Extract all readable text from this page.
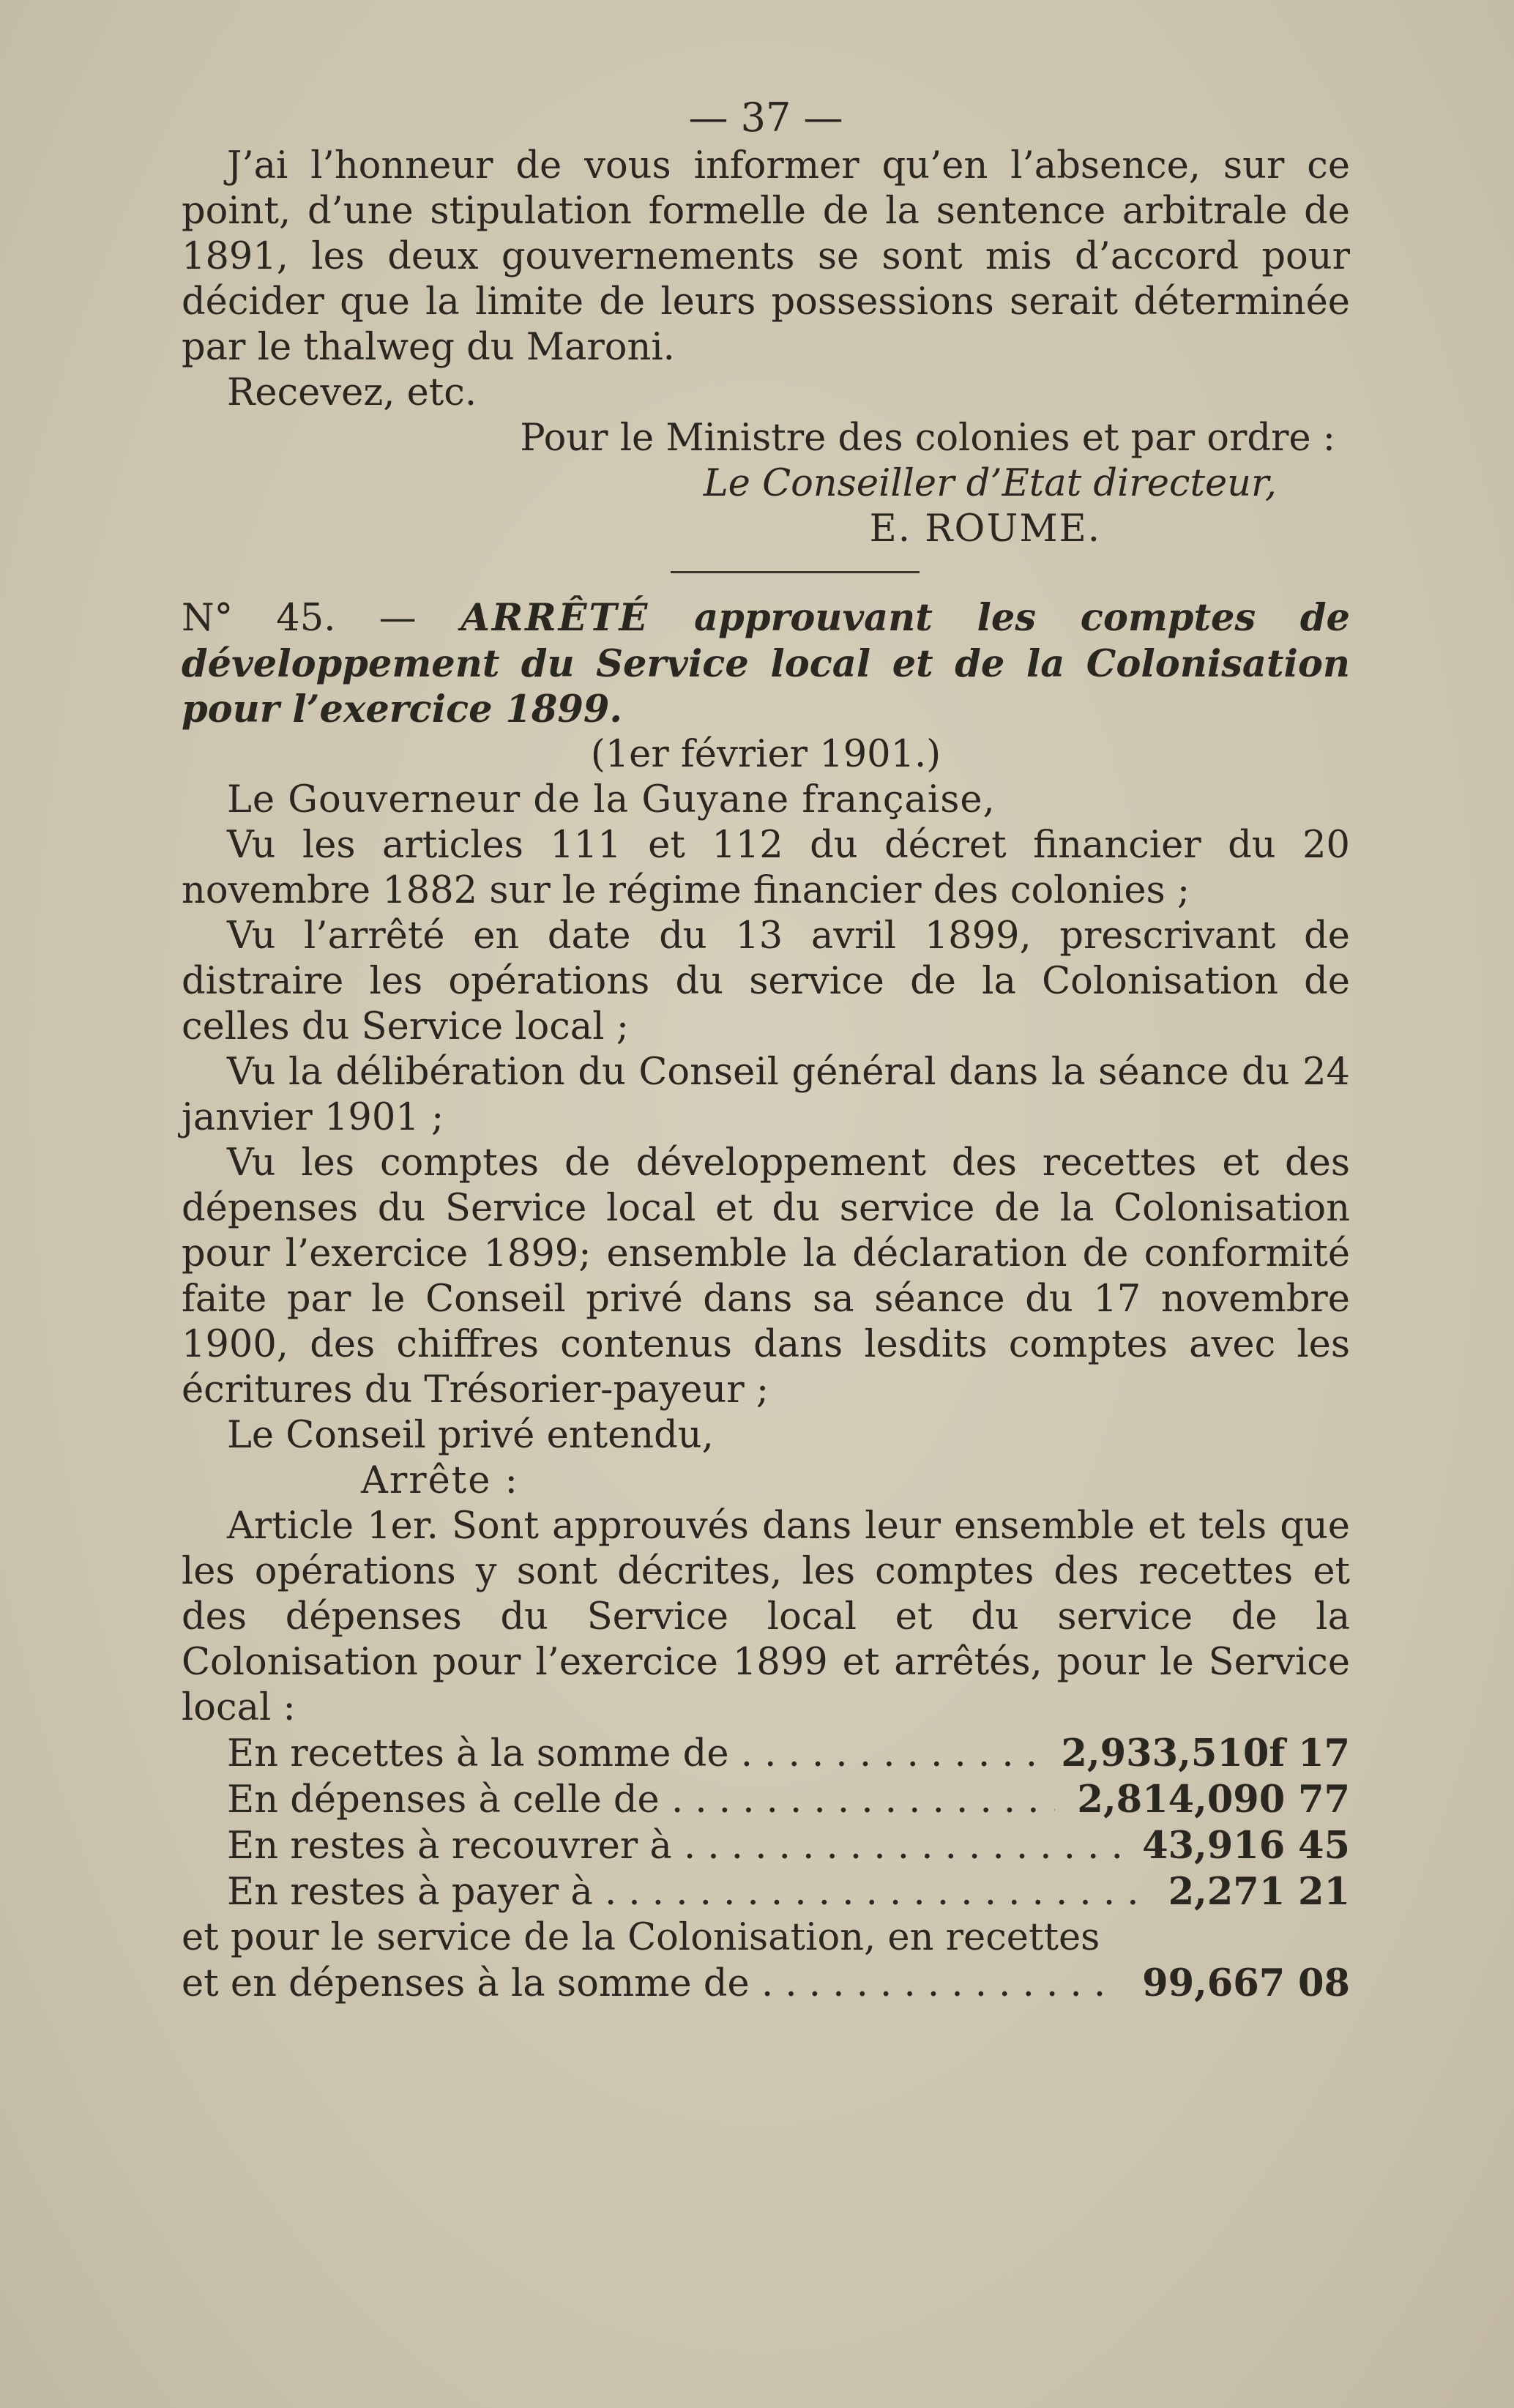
— 37 —

J’ai l’honneur de vous informer qu’en l’absence, sur ce point, d’une stipulation formelle de la sentence arbitrale de 1891, les deux gouvernements se sont mis d’accord pour décider que la limite de leurs possessions serait déterminée par le thalweg du Maroni.

Recevez, etc.

Pour le Ministre des colonies et par ordre :

Le Conseiller d’Etat directeur,

E. ROUME.

N° 45. — ARRÊTÉ approuvant les comptes de développement du Service local et de la Colonisation pour l’exercice 1899.

(1er février 1901.)

Le Gouverneur de la Guyane française,

Vu les articles 111 et 112 du décret financier du 20 novembre 1882 sur le régime financier des colonies ;

Vu l’arrêté en date du 13 avril 1899, prescrivant de distraire les opérations du service de la Colonisation de celles du Service local ;

Vu la délibération du Conseil général dans la séance du 24 janvier 1901 ;

Vu les comptes de développement des recettes et des dépenses du Service local et du service de la Colonisation pour l’exercice 1899; ensemble la déclaration de conformité faite par le Conseil privé dans sa séance du 17 novembre 1900, des chiffres contenus dans lesdits comptes avec les écritures du Trésorier-payeur ;

Le Conseil privé entendu,

Arrête :

Article 1er. Sont approuvés dans leur ensemble et tels que les opérations y sont décrites, les comptes des recettes et des dépenses du Service local et du service de la Colonisation pour l’exercice 1899 et arrêtés, pour le Service local :

En recettes à la somme de . . .	2,933,510f 17
En dépenses à celle de . . .	2,814,090 77
En restes à recouvrer à . . .	43,916 45
En restes à payer à . . .	2,271 21

et pour le service de la Colonisation, en recettes

et en dépenses à la somme de . . .	99,667 08
